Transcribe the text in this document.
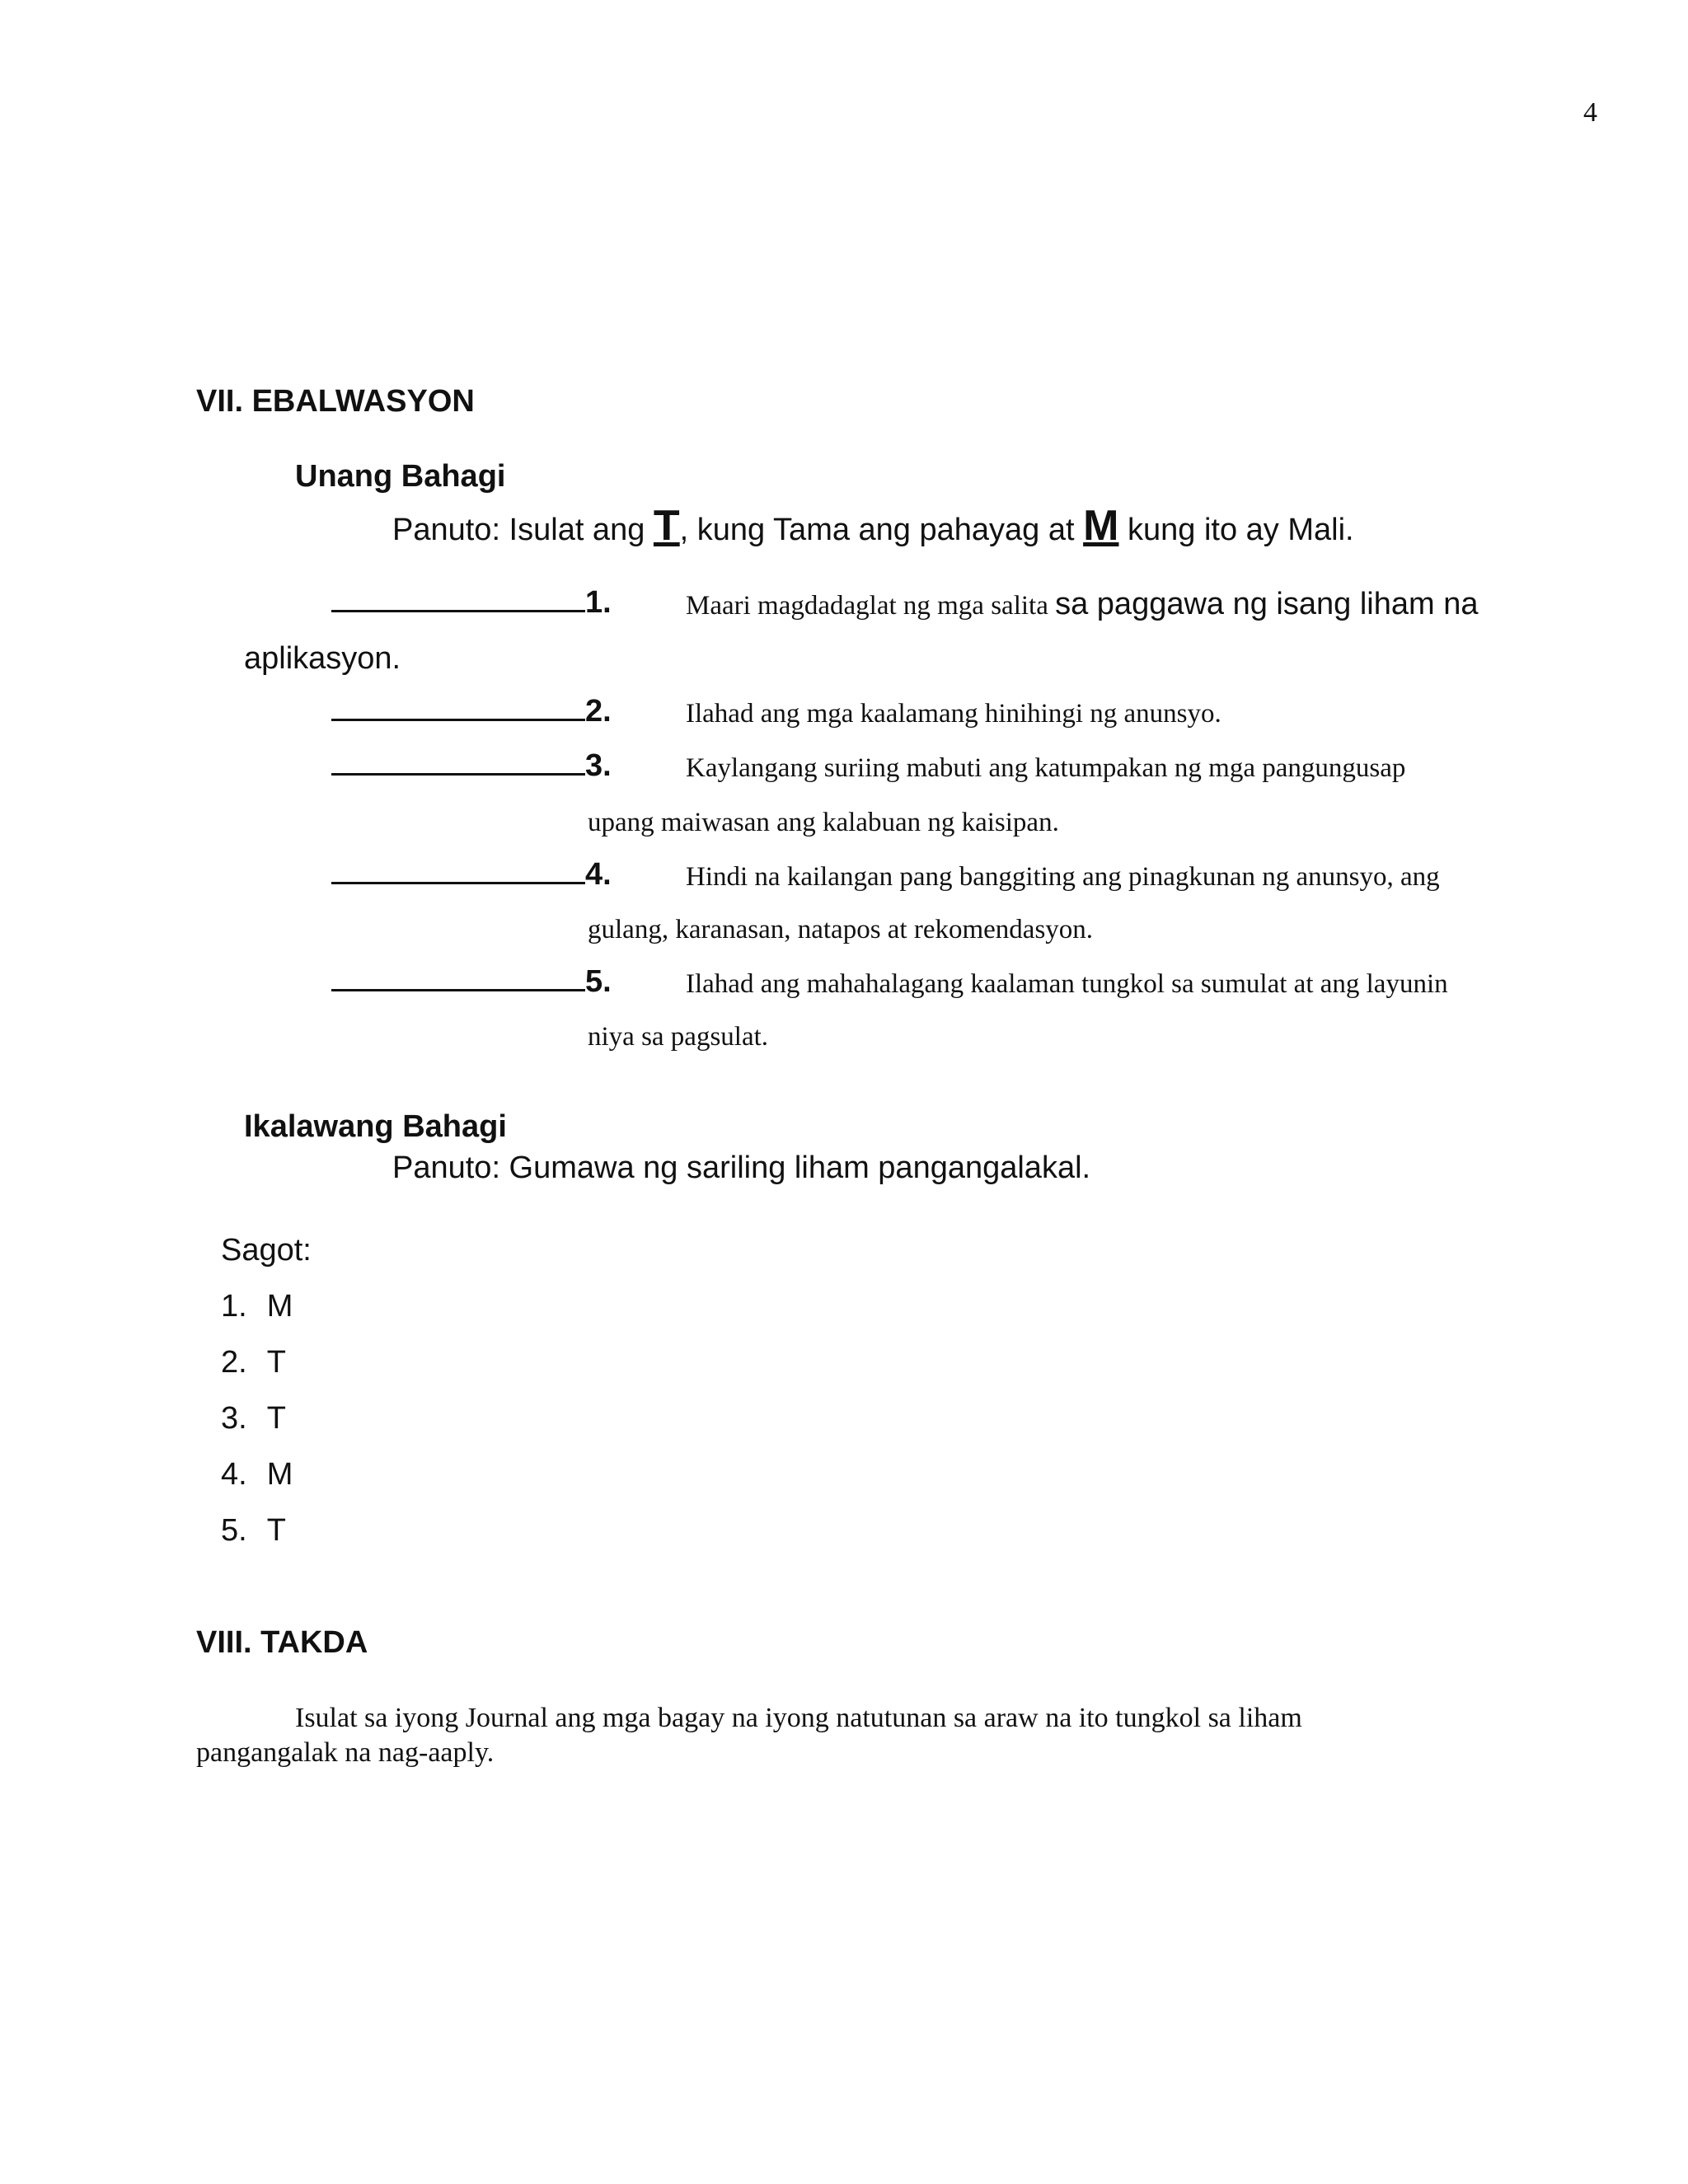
4
VII. EBALWASYON
Unang Bahagi
Panuto: Isulat ang T, kung Tama ang pahayag at M kung ito ay Mali.
1.	Maari magdadaglat ng mga salita sa paggawa ng isang liham na
aplikasyon.
2.	Ilahad ang mga kaalamang hinihingi ng anunsyo.
3.	Kaylangang suriing mabuti ang katumpakan ng mga pangungusap
upang maiwasan ang kalabuan ng kaisipan.
4.	Hindi na kailangan pang banggiting ang pinagkunan ng anunsyo, ang
gulang, karanasan, natapos at rekomendasyon.
5.	Ilahad ang mahahalagang kaalaman tungkol sa sumulat at ang layunin
niya sa pagsulat.
Ikalawang Bahagi
Panuto: Gumawa ng sariling liham pangangalakal.
Sagot:
1. M
2. T
3. T
4. M
5. T
VIII. TAKDA
Isulat sa iyong Journal ang mga bagay na iyong natutunan sa araw na ito tungkol sa liham
pangangalak na nag-aaply.
